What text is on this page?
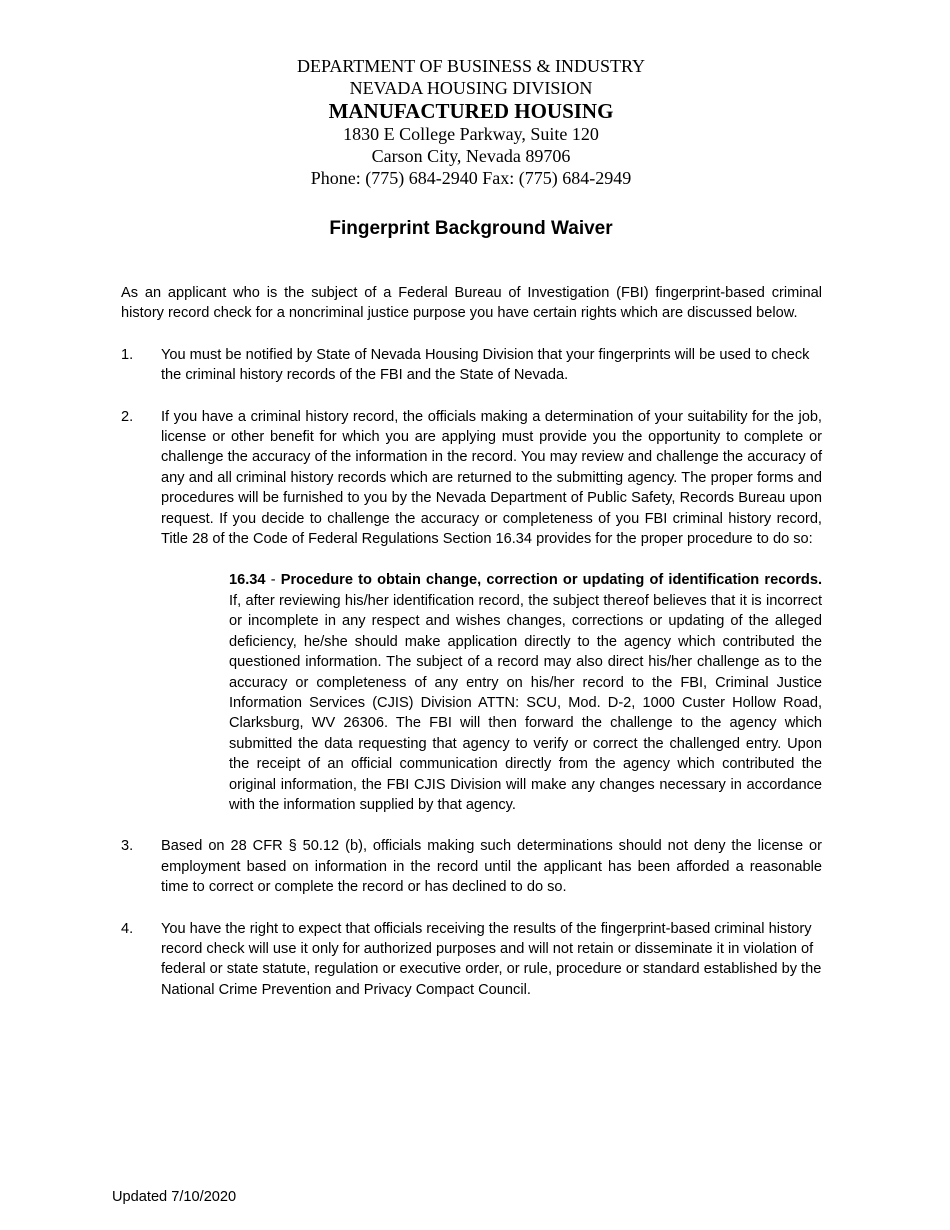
DEPARTMENT OF BUSINESS & INDUSTRY
NEVADA HOUSING DIVISION
MANUFACTURED HOUSING
1830 E College Parkway, Suite 120
Carson City, Nevada 89706
Phone: (775) 684-2940 Fax: (775) 684-2949
Fingerprint Background Waiver

As an applicant who is the subject of a Federal Bureau of Investigation (FBI) fingerprint-based criminal history record check for a noncriminal justice purpose you have certain rights which are discussed below.

1. You must be notified by State of Nevada Housing Division that your fingerprints will be used to check the criminal history records of the FBI and the State of Nevada.

2. If you have a criminal history record, the officials making a determination of your suitability for the job, license or other benefit for which you are applying must provide you the opportunity to complete or challenge the accuracy of the information in the record. You may review and challenge the accuracy of any and all criminal history records which are returned to the submitting agency. The proper forms and procedures will be furnished to you by the Nevada Department of Public Safety, Records Bureau upon request. If you decide to challenge the accuracy or completeness of you FBI criminal history record, Title 28 of the Code of Federal Regulations Section 16.34 provides for the proper procedure to do so:

16.34 - Procedure to obtain change, correction or updating of identification records. If, after reviewing his/her identification record, the subject thereof believes that it is incorrect or incomplete in any respect and wishes changes, corrections or updating of the alleged deficiency, he/she should make application directly to the agency which contributed the questioned information. The subject of a record may also direct his/her challenge as to the accuracy or completeness of any entry on his/her record to the FBI, Criminal Justice Information Services (CJIS) Division ATTN: SCU, Mod. D-2, 1000 Custer Hollow Road, Clarksburg, WV 26306. The FBI will then forward the challenge to the agency which submitted the data requesting that agency to verify or correct the challenged entry. Upon the receipt of an official communication directly from the agency which contributed the original information, the FBI CJIS Division will make any changes necessary in accordance with the information supplied by that agency.

3. Based on 28 CFR § 50.12 (b), officials making such determinations should not deny the license or employment based on information in the record until the applicant has been afforded a reasonable time to correct or complete the record or has declined to do so.

4. You have the right to expect that officials receiving the results of the fingerprint-based criminal history record check will use it only for authorized purposes and will not retain or disseminate it in violation of federal or state statute, regulation or executive order, or rule, procedure or standard established by the National Crime Prevention and Privacy Compact Council.

Updated 7/10/2020
